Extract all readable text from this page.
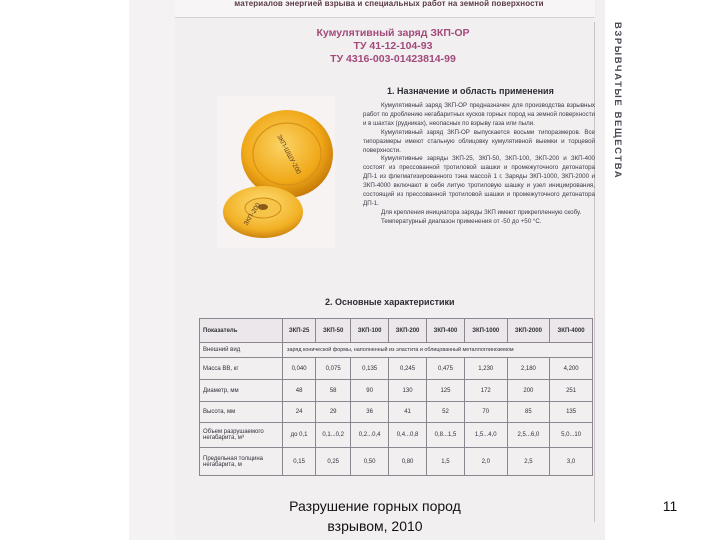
материалов энергией взрыва и специальных работ на земной поверхности
ВЗРЫВЧАТЫЕ ВЕЩЕСТВА
Кумулятивный заряд ЗКП-ОР
ТУ 41-12-104-93
ТУ 4316-003-01423814-99
ЗКП-ШШУ-200
ЗКП-200
1. Назначение и область применения

Кумулятивный заряд ЗКП-ОР предназначен для производства взрывных работ по дроблению негабаритных кусков горных пород на земной поверхности и в шахтах (рудниках), неопасных по взрыву газа или пыли.

Кумулятивный заряд ЗКП-ОР выпускается восьми типоразмеров. Все типоразмеры имеют стальную облицовку кумулятивной выемки и торцевой поверхности.

Кумулятивные заряды ЗКП-25, ЗКП-50, ЗКП-100, ЗКП-200 и ЗКП-400 состоят из прессованной тротиловой шашки и промежуточного детонатора ДП-1 из флегматизированного тэна массой 1 г. Заряды ЗКП-1000, ЗКП-2000 и ЗКП-4000 включают в себя литую тротиловую шашку и узел инициирования, состоящий из прессованной тротиловой шашки и промежуточного детонатора ДП-1.

Для крепления инициатора заряды ЗКП имеют прикрепленную скобу.

Температурный диапазон применения от -50 до +50 °С.

2. Основные характеристики
Показатель	ЗКП-25	ЗКП-50	ЗКП-100	ЗКП-200	ЗКП-400	ЗКП-1000	ЗКП-2000	ЗКП-4000
Внешний вид	заряд конической формы, наполненный из эластита и облицованный металлоглиноземом							
Масса ВВ, кг	0,040	0,075	0,135	0,245	0,475	1,230	2,180	4,200
Диаметр, мм	48	58	90	130	125	172	200	251
Высота, мм	24	29	36	41	52	70	85	135
Объем разрушаемого негабарита, м³	до 0,1	0,1...0,2	0,2...0,4	0,4...0,8	0,8...1,5	1,5...4,0	2,5...6,0	5,0...10
Предельная толщина негабарита, м	0,15	0,25	0,50	0,80	1,5	2,0	2,5	3,0
Разрушение горных пород
взрывом, 2010
11
